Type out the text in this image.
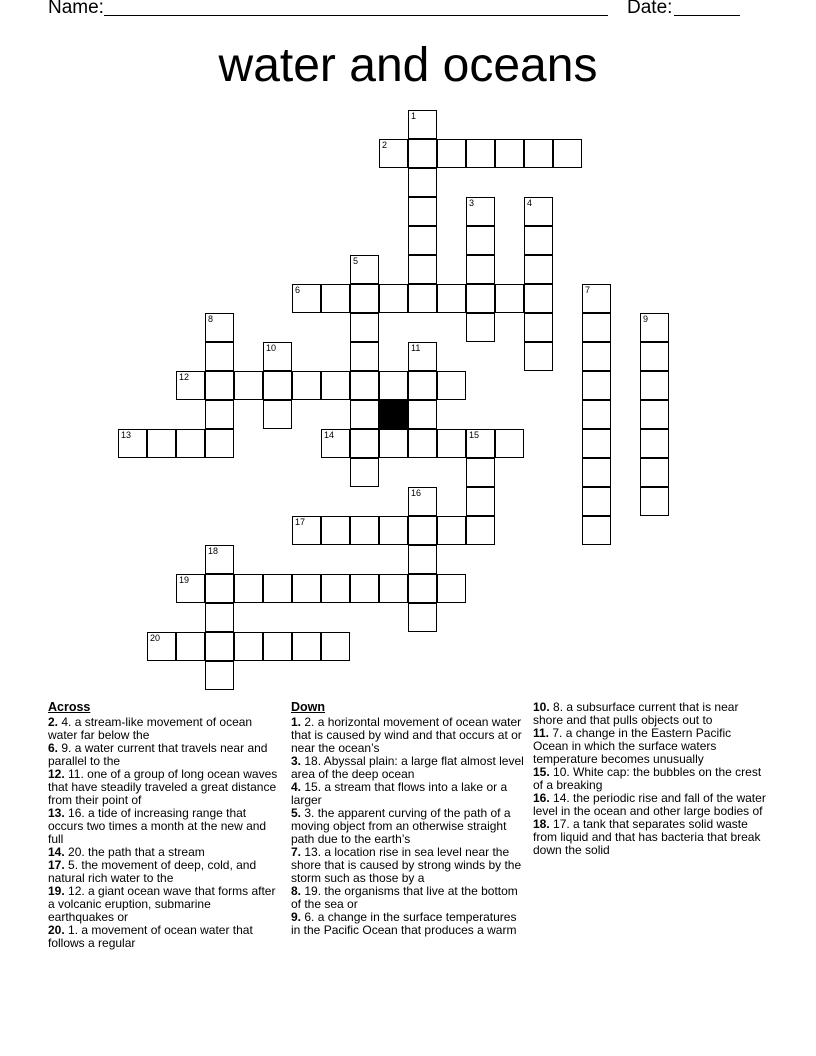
Name:	Date:
water and oceans
1
2
3	4
5
6	7
8	9
10	11
12
13	14	15
16
17
18
19
20
Across
2. 4. a stream-like movement of ocean water far below the
6. 9. a water current that travels near and parallel to the
12. 11. one of a group of long ocean waves that have steadily traveled a great distance from their point of
13. 16. a tide of increasing range that occurs two times a month at the new and full
14. 20. the path that a stream
17. 5. the movement of deep, cold, and natural rich water to the
19. 12. a giant ocean wave that forms after a volcanic eruption, submarine earthquakes or
20. 1. a movement of ocean water that follows a regular
Down
1. 2. a horizontal movement of ocean water that is caused by wind and that occurs at or near the ocean’s
3. 18. Abyssal plain: a large flat almost level area of the deep ocean
4. 15. a stream that flows into a lake or a larger
5. 3. the apparent curving of the path of a moving object from an otherwise straight path due to the earth’s
7. 13. a location rise in sea level near the shore that is caused by strong winds by the storm such as those by a
8. 19. the organisms that live at the bottom of the sea or
9. 6. a change in the surface temperatures in the Pacific Ocean that produces a warm
10. 8. a subsurface current that is near shore and that pulls objects out to
11. 7. a change in the Eastern Pacific Ocean in which the surface waters temperature becomes unusually
15. 10. White cap: the bubbles on the crest of a breaking
16. 14. the periodic rise and fall of the water level in the ocean and other large bodies of
18. 17. a tank that separates solid waste from liquid and that has bacteria that break down the solid
